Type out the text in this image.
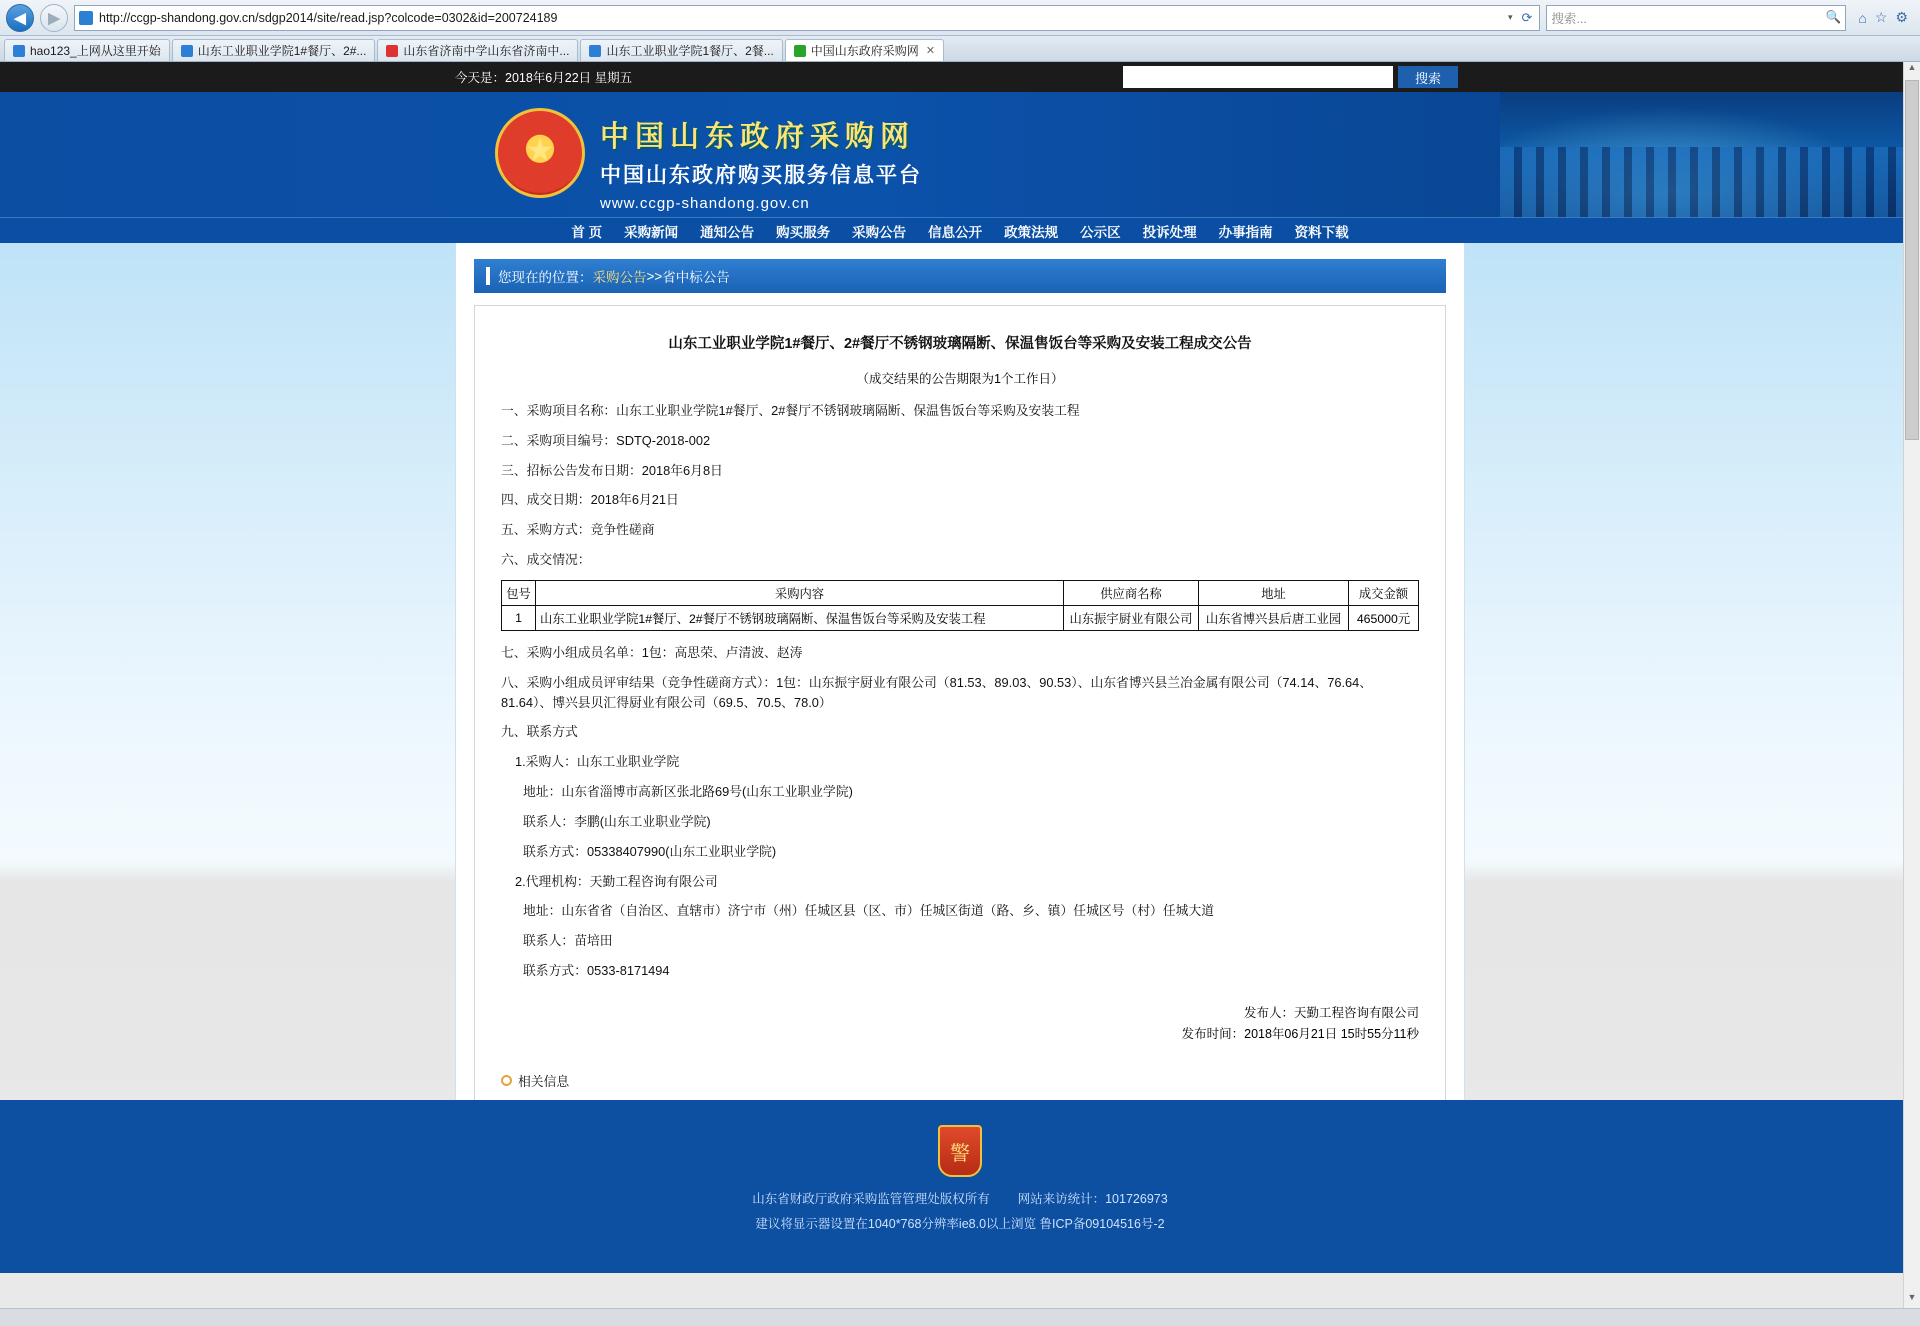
◀	▶	http://ccgp-shandong.gov.cn/sdgp2014/site/read.jsp?colcode=0302&id=200724189	▾ ⟳ 搜索...	🔍 ⌂ ☆ ⚙
hao123_上网从这里开始	山东工业职业学院1#餐厅、2#...	山东省济南中学山东省济南中...	山东工业职业学院1餐厅、2餐...	中国山东政府采购网 ✕
今天是：2018年6月22日 星期五	搜索
★
中国山东政府采购网
中国山东政府购买服务信息平台
www.ccgp-shandong.gov.cn
首 页 采购新闻 通知公告 购买服务 采购公告 信息公开 政策法规 公示区 投诉处理 办事指南 资料下载
您现在的位置： 采购公告 >> 省中标公告
山东工业职业学院1#餐厅、2#餐厅不锈钢玻璃隔断、保温售饭台等采购及安装工程成交公告
（成交结果的公告期限为1个工作日）

一、采购项目名称：山东工业职业学院1#餐厅、2#餐厅不锈钢玻璃隔断、保温售饭台等采购及安装工程

二、采购项目编号：SDTQ-2018-002

三、招标公告发布日期：2018年6月8日

四、成交日期：2018年6月21日

五、采购方式：竞争性磋商

六、成交情况：

包号	采购内容	供应商名称	地址	成交金额
1	山东工业职业学院1#餐厅、2#餐厅不锈钢玻璃隔断、保温售饭台等采购及安装工程	山东振宇厨业有限公司	山东省博兴县后唐工业园	465000元

七、采购小组成员名单：1包：高思荣、卢清波、赵涛

八、采购小组成员评审结果（竞争性磋商方式）：1包：山东振宇厨业有限公司（81.53、89.03、90.53）、山东省博兴县兰冶金属有限公司（74.14、76.64、81.64）、博兴县贝汇得厨业有限公司（69.5、70.5、78.0）

九、联系方式

1.采购人：山东工业职业学院

地址：山东省淄博市高新区张北路69号(山东工业职业学院)

联系人：李鹏(山东工业职业学院)

联系方式：05338407990(山东工业职业学院)

2.代理机构：天勤工程咨询有限公司

地址：山东省省（自治区、直辖市）济宁市（州）任城区县（区、市）任城区街道（路、乡、镇）任城区号（村）任城大道

联系人：苗培田

联系方式：0533-8171494

发布人：天勤工程咨询有限公司
发布时间：2018年06月21日 15时55分11秒
相关信息
”
”
”
”
警
山东省财政厅政府采购监管管理处版权所有 网站来访统计：101726973
建议将显示器设置在1040*768分辨率ie8.0以上浏览 鲁ICP备09104516号-2
▲
▼
